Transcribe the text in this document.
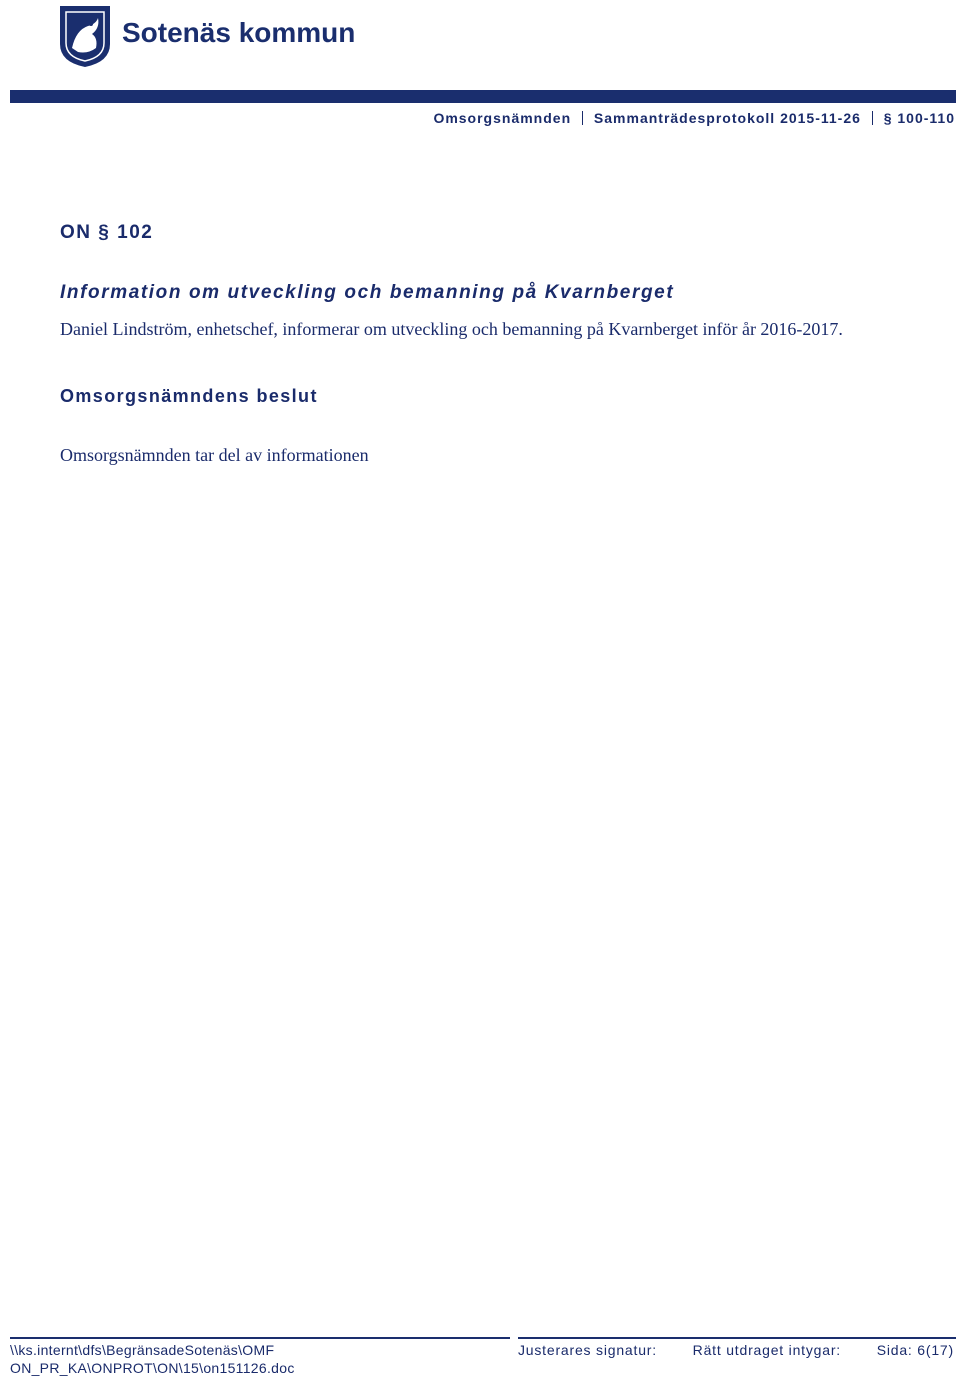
Sotenäs kommun
Omsorgsnämnden Sammanträdesprotokoll 2015-11-26 § 100-110
ON § 102
Information om utveckling och bemanning på Kvarnberget
Daniel Lindström, enhetschef, informerar om utveckling och bemanning på Kvarnberget inför år 2016-2017.
Omsorgsnämndens beslut
Omsorgsnämnden tar del av informationen
\\ks.internt\dfs\BegränsadeSotenäs\OMF
ON_PR_KA\ONPROT\ON\15\on151126.doc
Justerares signatur:	Rätt utdraget intygar:	Sida: 6(17)
